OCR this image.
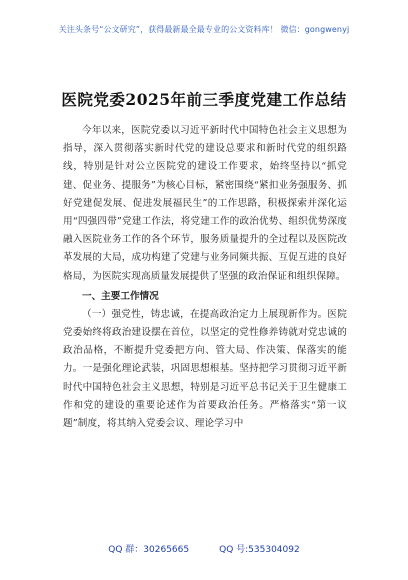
关注头条号“公文研究”，获得最新最全最专业的公文资料库！ 微信：gongwenyj
医院党委2025年前三季度党建工作总结

今年以来，医院党委以习近平新时代中国特色社会主义思想为指导，深入贯彻落实新时代党的建设总要求和新时代党的组织路线，特别是针对公立医院党的建设工作要求，始终坚持以“抓党建、促业务、提服务”为核心目标，紧密围绕“紧扣业务强服务、抓好党建促发展、促进发展福民生”的工作思路，积极探索并深化运用“四强四带”党建工作法，将党建工作的政治优势、组织优势深度融入医院业务工作的各个环节，服务质量提升的全过程以及医院改革发展的大局，成功构建了党建与业务同频共振、互促互进的良好格局，为医院实现高质量发展提供了坚强的政治保证和组织保障。

一、主要工作情况

（一）强党性，铸忠诚，在提高政治定力上展现新作为。医院党委始终将政治建设摆在首位，以坚定的党性修养铸就对党忠诚的政治品格，不断提升党委把方向、管大局、作决策、保落实的能力。一是强化理论武装，巩固思想根基。坚持把学习贯彻习近平新时代中国特色社会主义思想，特别是习近平总书记关于卫生健康工作和党的建设的重要论述作为首要政治任务。严格落实“第一议题”制度，将其纳入党委会议、理论学习中

QQ 群：30265665	QQ 号:535304092
